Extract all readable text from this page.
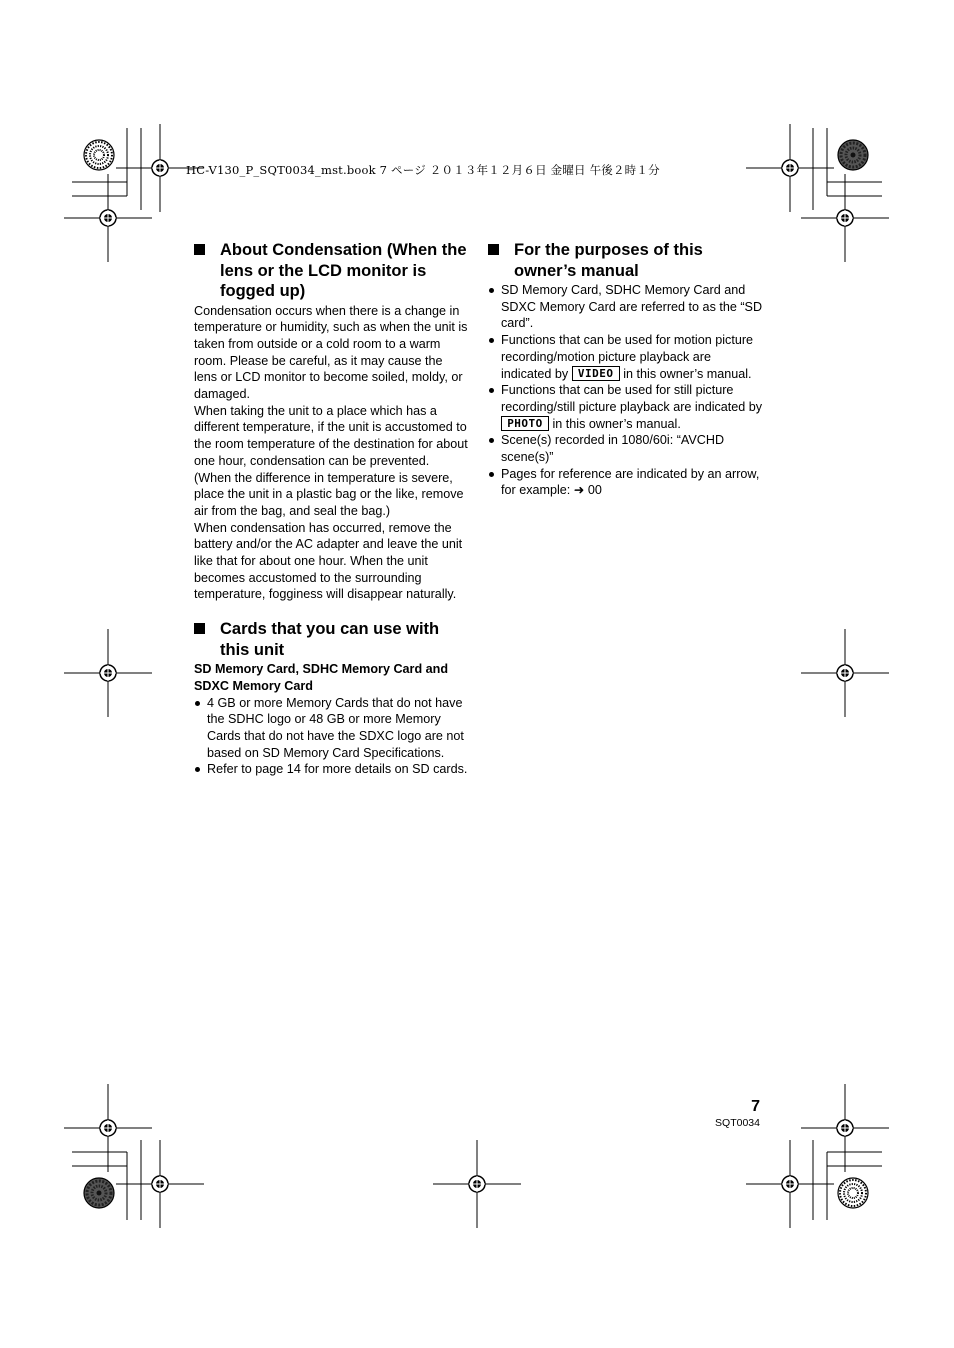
HC-V130_P_SQT0034_mst.book 7 ページ ２０１３年１２月６日 金曜日 午後２時１分
About Condensation (When the lens or the LCD monitor is fogged up)

Condensation occurs when there is a change in temperature or humidity, such as when the unit is taken from outside or a cold room to a warm room. Please be careful, as it may cause the lens or LCD monitor to become soiled, moldy, or damaged.
When taking the unit to a place which has a different temperature, if the unit is accustomed to the room temperature of the destination for about one hour, condensation can be prevented. (When the difference in temperature is severe, place the unit in a plastic bag or the like, remove air from the bag, and seal the bag.)
When condensation has occurred, remove the battery and/or the AC adapter and leave the unit like that for about one hour. When the unit becomes accustomed to the surrounding temperature, fogginess will disappear naturally.

Cards that you can use with this unit

SD Memory Card, SDHC Memory Card and SDXC Memory Card

4 GB or more Memory Cards that do not have the SDHC logo or 48 GB or more Memory Cards that do not have the SDXC logo are not based on SD Memory Card Specifications.
Refer to page 14 for more details on SD cards.
For the purposes of this owner’s manual
SD Memory Card, SDHC Memory Card and SDXC Memory Card are referred to as the “SD card”.
Functions that can be used for motion picture recording/motion picture playback are indicated by VIDEO in this owner’s manual.
Functions that can be used for still picture recording/still picture playback are indicated by PHOTO in this owner’s manual.
Scene(s) recorded in 1080/60i: “AVCHD scene(s)”
Pages for reference are indicated by an arrow, for example: ➜ 00
7
SQT0034
